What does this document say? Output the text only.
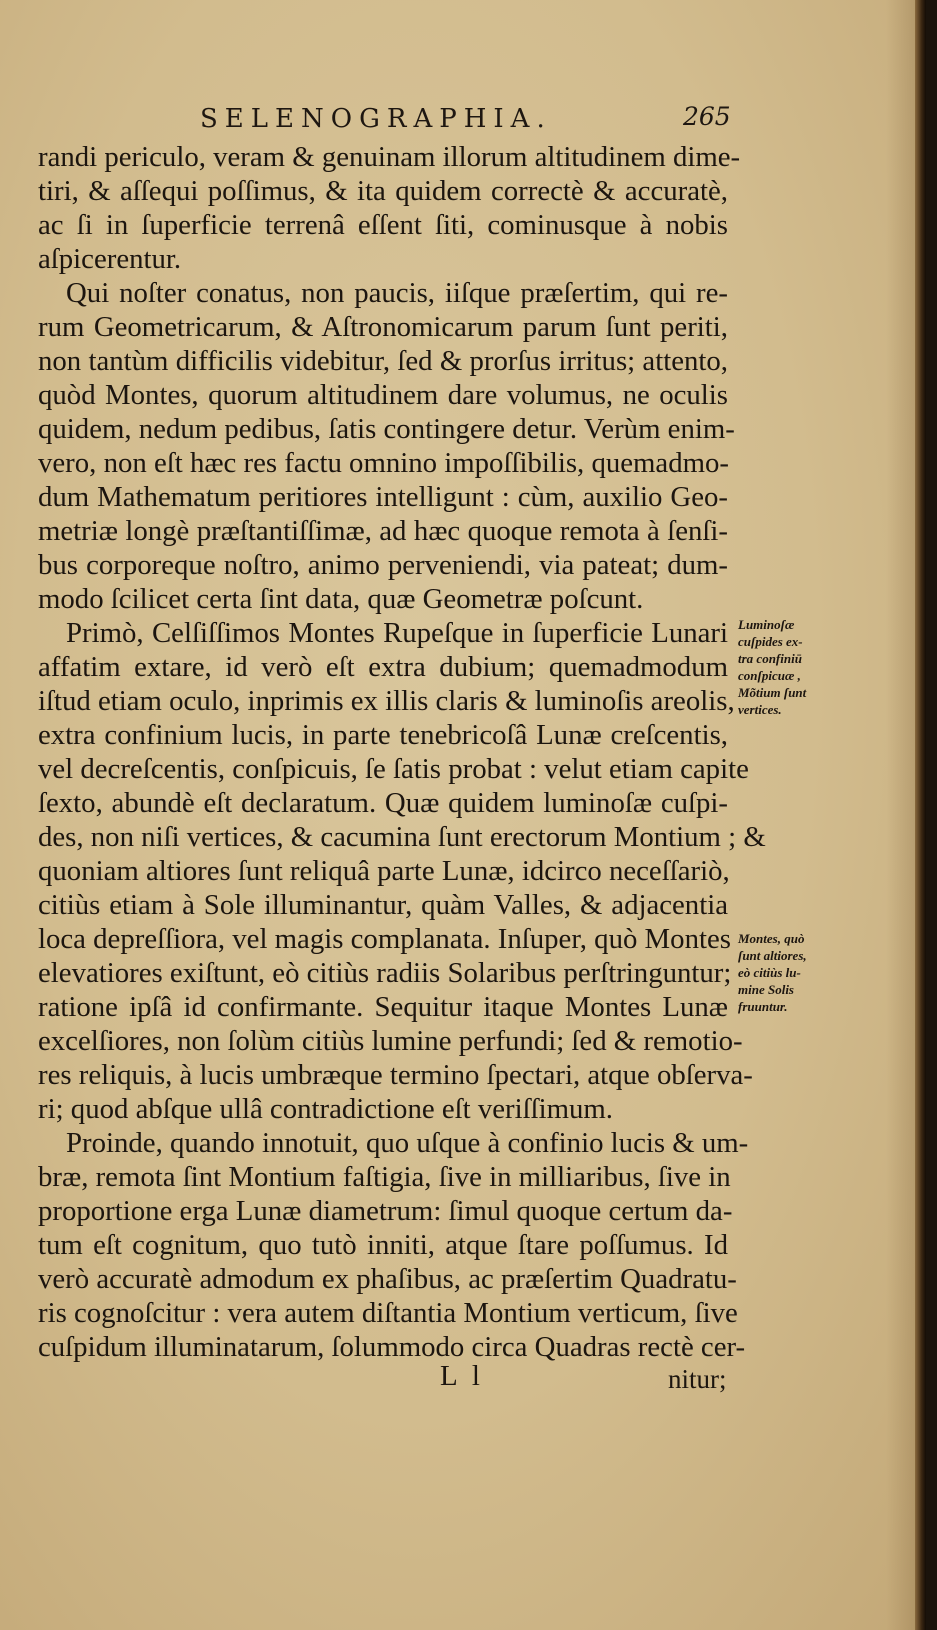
SELENOGRAPHIA.	265
randi periculo, veram & genuinam illorum altitudinem dime-
tiri, & aſſequi poſſimus, & ita quidem correctè & accuratè,
ac ſi in ſuperficie terrenâ eſſent ſiti, cominusque à nobis
aſpicerentur.
Qui noſter conatus, non paucis, iiſque præſertim, qui re-
rum Geometricarum, & Aſtronomicarum parum ſunt periti,
non tantùm difficilis videbitur, ſed & prorſus irritus; attento,
quòd Montes, quorum altitudinem dare volumus, ne oculis
quidem, nedum pedibus, ſatis contingere detur. Verùm enim-
vero, non eſt hæc res factu omnino impoſſibilis, quemadmo-
dum Mathematum peritiores intelligunt : cùm, auxilio Geo-
metriæ longè præſtantiſſimæ, ad hæc quoque remota à ſenſi-
bus corporeque noſtro, animo perveniendi, via pateat; dum-
modo ſcilicet certa ſint data, quæ Geometræ poſcunt.
Primò, Celſiſſimos Montes Rupeſque in ſuperficie Lunari
affatim extare, id verò eſt extra dubium; quemadmodum
iſtud etiam oculo, inprimis ex illis claris & luminoſis areolis,
extra confinium lucis, in parte tenebricoſâ Lunæ creſcentis,
vel decreſcentis, conſpicuis, ſe ſatis probat : velut etiam capite
ſexto, abundè eſt declaratum. Quæ quidem luminoſæ cuſpi-
des, non niſi vertices, & cacumina ſunt erectorum Montium ; &
quoniam altiores ſunt reliquâ parte Lunæ, idcirco neceſſariò,
citiùs etiam à Sole illuminantur, quàm Valles, & adjacentia
loca depreſſiora, vel magis complanata. Inſuper, quò Montes
elevatiores exiſtunt, eò citiùs radiis Solaribus perſtringuntur;
ratione ipſâ id confirmante. Sequitur itaque Montes Lunæ
excelſiores, non ſolùm citiùs lumine perfundi; ſed & remotio-
res reliquis, à lucis umbræque termino ſpectari, atque obſerva-
ri; quod abſque ullâ contradictione eſt veriſſimum.
Proinde, quando innotuit, quo uſque à confinio lucis & um-
bræ, remota ſint Montium faſtigia, ſive in milliaribus, ſive in
proportione erga Lunæ diametrum: ſimul quoque certum da-
tum eſt cognitum, quo tutò inniti, atque ſtare poſſumus. Id
verò accuratè admodum ex phaſibus, ac præſertim Quadratu-
ris cognoſcitur : vera autem diſtantia Montium verticum, ſive
cuſpidum illuminatarum, ſolummodo circa Quadras rectè cer-
Luminoſæ
cuſpides ex-
tra confiniū
conſpicuæ ,
Mõtium ſunt
vertices.
Montes, quò
ſunt altiores,
eò citiùs lu-
mine Solis
fruuntur.
L l	nitur;
